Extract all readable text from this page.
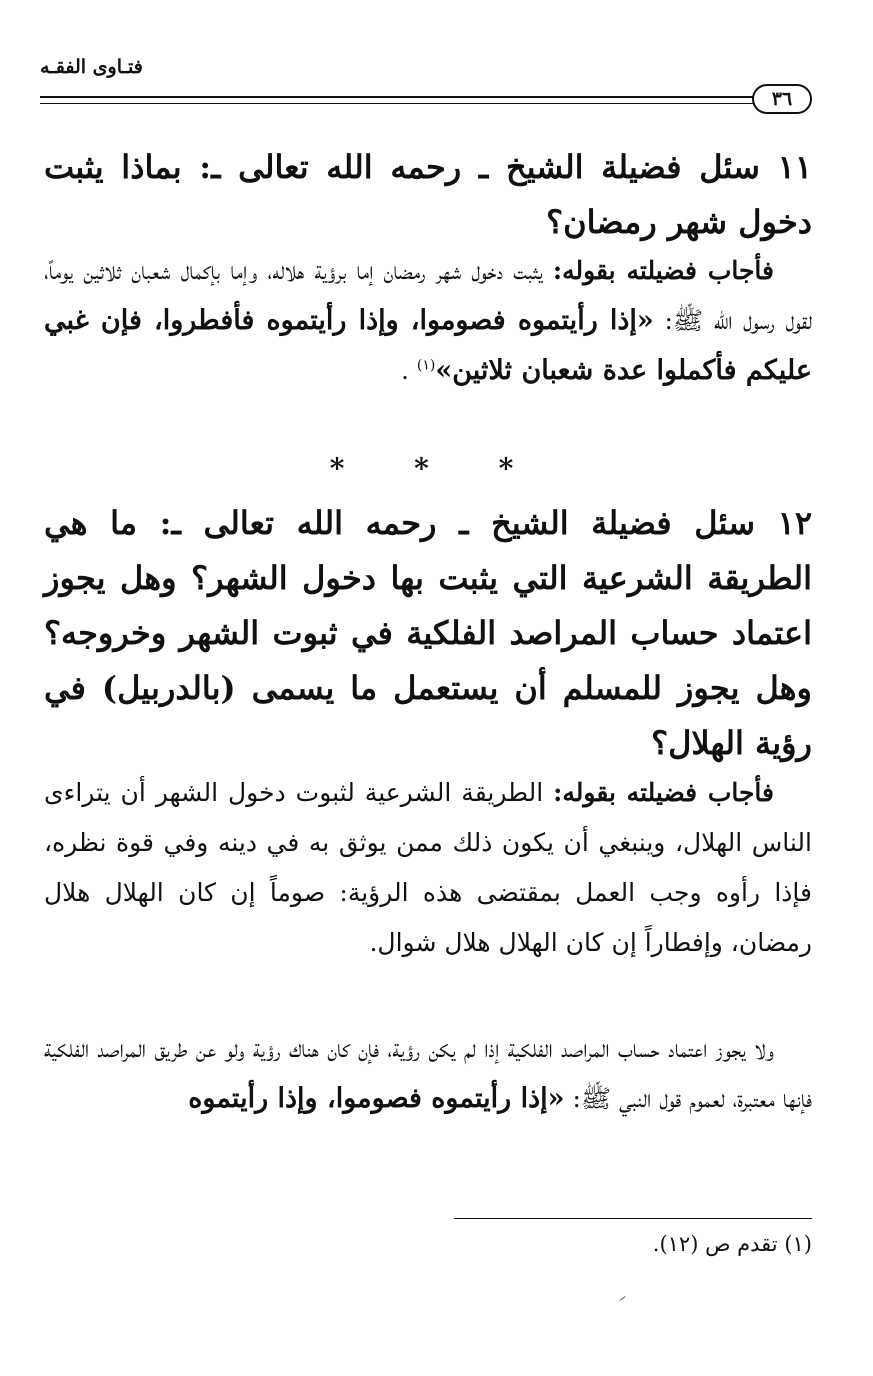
فتـاوى الفقـه
٣٦
١١ سئل فضيلة الشيخ ـ رحمه الله تعالى ـ: بماذا يثبت دخول شهر رمضان؟
فأجاب فضيلته بقوله: يثبت دخول شهر رمضان إما برؤية هلاله، وإما بإكمال شعبان ثلاثين يوماً، لقول رسول الله ﷺ: «إذا رأيتموه فصوموا، وإذا رأيتموه فأفطروا، فإن غبي عليكم فأكملوا عدة شعبان ثلاثين»$^{(١)}$ .
* * *
١٢ سئل فضيلة الشيخ ـ رحمه الله تعالى ـ: ما هي الطريقة الشرعية التي يثبت بها دخول الشهر؟ وهل يجوز اعتماد حساب المراصد الفلكية في ثبوت الشهر وخروجه؟ وهل يجوز للمسلم أن يستعمل ما يسمى (بالدربيل) في رؤية الهلال؟
فأجاب فضيلته بقوله: الطريقة الشرعية لثبوت دخول الشهر أن يتراءى الناس الهلال، وينبغي أن يكون ذلك ممن يوثق به في دينه وفي قوة نظره، فإذا رأوه وجب العمل بمقتضى هذه الرؤية: صوماً إن كان الهلال هلال رمضان، وإفطاراً إن كان الهلال هلال شوال.
ولا يجوز اعتماد حساب المراصد الفلكية إذا لم يكن رؤية، فإن كان هناك رؤية ولو عن طريق المراصد الفلكية فإنها معتبرة، لعموم قول النبي ﷺ: «إذا رأيتموه فصوموا، وإذا رأيتموه
(١) تقدم ص (١٢).
